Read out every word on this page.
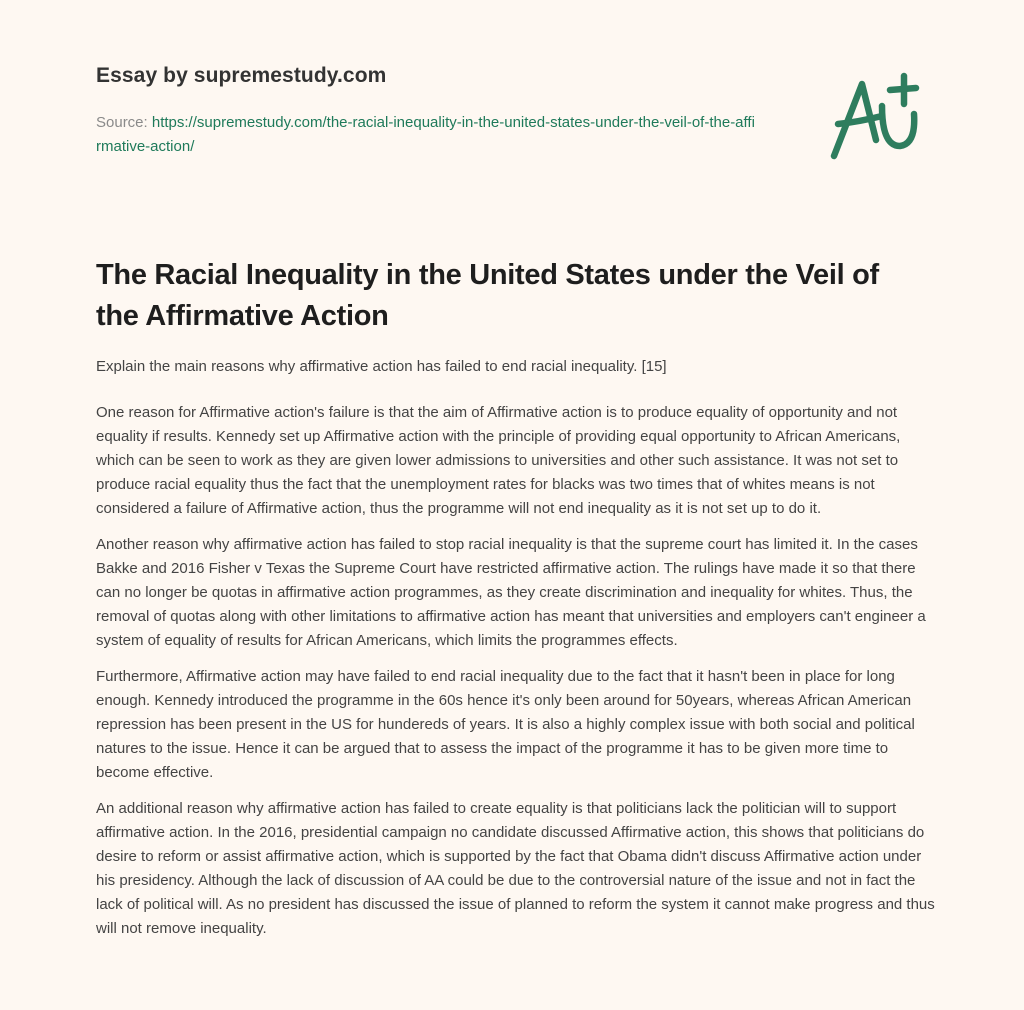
Essay by supremestudy.com
Source: https://supremestudy.com/the-racial-inequality-in-the-united-states-under-the-veil-of-the-affirmative-action/
The Racial Inequality in the United States under the Veil of the Affirmative Action

Explain the main reasons why affirmative action has failed to end racial inequality. [15]

One reason for Affirmative action's failure is that the aim of Affirmative action is to produce equality of opportunity and not equality if results. Kennedy set up Affirmative action with the principle of providing equal opportunity to African Americans, which can be seen to work as they are given lower admissions to universities and other such assistance. It was not set to produce racial equality thus the fact that the unemployment rates for blacks was two times that of whites means is not considered a failure of Affirmative action, thus the programme will not end inequality as it is not set up to do it.

Another reason why affirmative action has failed to stop racial inequality is that the supreme court has limited it. In the cases Bakke and 2016 Fisher v Texas the Supreme Court have restricted affirmative action. The rulings have made it so that there can no longer be quotas in affirmative action programmes, as they create discrimination and inequality for whites. Thus, the removal of quotas along with other limitations to affirmative action has meant that universities and employers can't engineer a system of equality of results for African Americans, which limits the programmes effects.

Furthermore, Affirmative action may have failed to end racial inequality due to the fact that it hasn't been in place for long enough. Kennedy introduced the programme in the 60s hence it's only been around for 50years, whereas African American repression has been present in the US for hundereds of years. It is also a highly complex issue with both social and political natures to the issue. Hence it can be argued that to assess the impact of the programme it has to be given more time to become effective.

An additional reason why affirmative action has failed to create equality is that politicians lack the politician will to support affirmative action. In the 2016, presidential campaign no candidate discussed Affirmative action, this shows that politicians do desire to reform or assist affirmative action, which is supported by the fact that Obama didn't discuss Affirmative action under his presidency. Although the lack of discussion of AA could be due to the controversial nature of the issue and not in fact the lack of political will. As no president has discussed the issue of planned to reform the system it cannot make progress and thus will not remove inequality.
